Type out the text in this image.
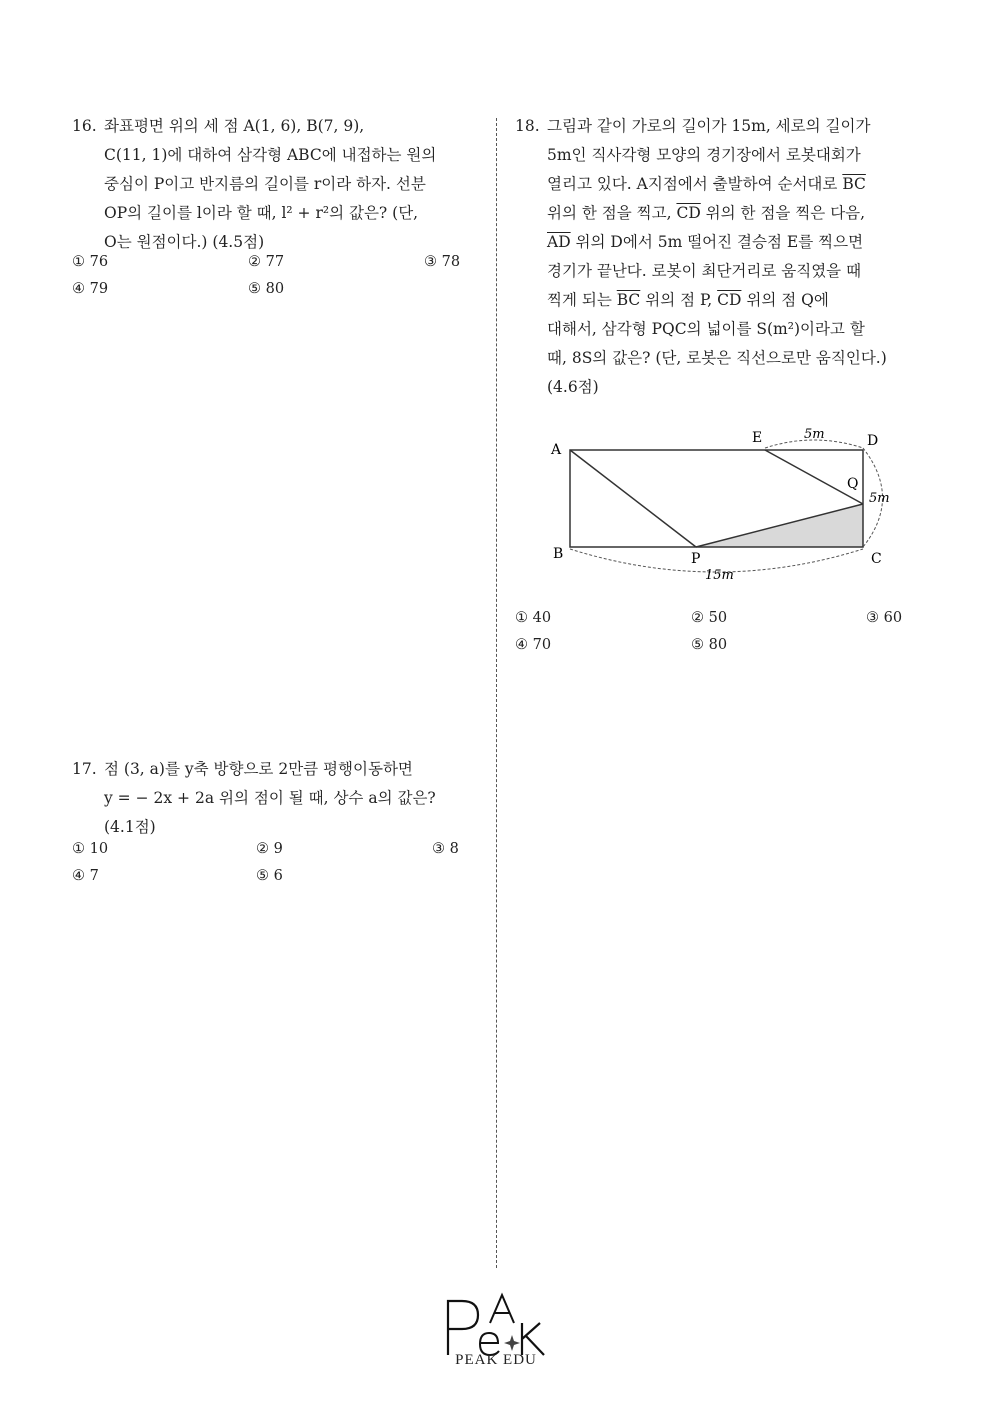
16. 좌표평면 위의 세 점 A(1, 6), B(7, 9),
C(11, 1)에 대하여 삼각형 ABC에 내접하는 원의
중심이 P이고 반지름의 길이를 r이라 하자. 선분
OP의 길이를 l이라 할 때, l² + r²의 값은? (단,
O는 원점이다.) (4.5점)
① 76	② 77	③ 78
④ 79	⑤ 80
17. 점 (3, a)를 y축 방향으로 2만큼 평행이동하면
y = − 2x + 2a 위의 점이 될 때, 상수 a의 값은?
(4.1점)
① 10	② 9	③ 8
④ 7	⑤ 6
18. 그림과 같이 가로의 길이가 15m, 세로의 길이가
5m인 직사각형 모양의 경기장에서 로봇대회가
열리고 있다. A지점에서 출발하여 순서대로 $\overline{BC}$
위의 한 점을 찍고, $\overline{CD}$ 위의 한 점을 찍은 다음,
$\overline{AD}$ 위의 D에서 5m 떨어진 결승점 E를 찍으면
경기가 끝난다. 로봇이 최단거리로 움직였을 때
찍게 되는 $\overline{BC}$ 위의 점 P, $\overline{CD}$ 위의 점 Q에
대해서, 삼각형 PQC의 넓이를 S(m²)이라고 할
때, 8S의 값은? (단, 로봇은 직선으로만 움직인다.)
(4.6점)
A
B	C
D
E
P
Q
5m
5m
15m
① 40	② 50	③ 60
④ 70	⑤ 80
PeAK
PEAK EDU
